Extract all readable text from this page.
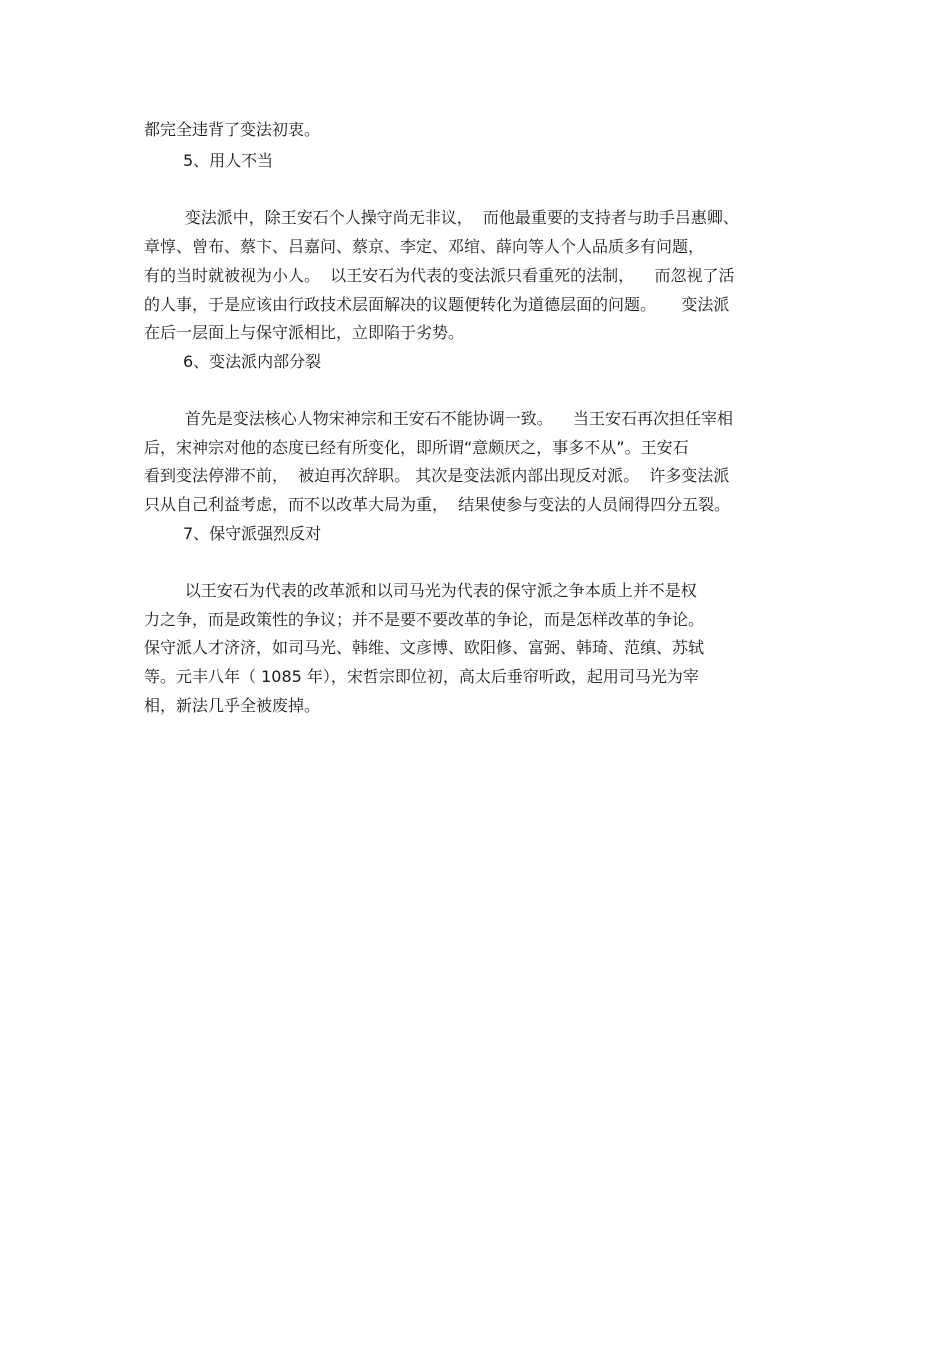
都完全违背了变法初衷。

5、用人不当

变法派中，除王安石个人操守尚无非议，  而他最重要的支持者与助手吕惠卿、

章惇、曾布、蔡卞、吕嘉问、蔡京、李定、邓绾、薛向等人个人品质多有问题，

有的当时就被视为小人。  以王安石为代表的变法派只看重死的法制，    而忽视了活

的人事，于是应该由行政技术层面解决的议题便转化为道德层面的问题。     变法派

在后一层面上与保守派相比，立即陷于劣势。

6、变法派内部分裂

首先是变法核心人物宋神宗和王安石不能协调一致。    当王安石再次担任宰相

后，宋神宗对他的态度已经有所变化，即所谓“意颇厌之，事多不从”。王安石

看到变法停滞不前，  被迫再次辞职。 其次是变法派内部出现反对派。  许多变法派

只从自己利益考虑，而不以改革大局为重，  结果使参与变法的人员闹得四分五裂。

7、保守派强烈反对

以王安石为代表的改革派和以司马光为代表的保守派之争本质上并不是权

力之争，而是政策性的争议；并不是要不要改革的争论，而是怎样改革的争论。

保守派人才济济，如司马光、韩维、文彦博、欧阳修、富弼、韩琦、范缜、苏轼

等。元丰八年（ 1085 年），宋哲宗即位初，高太后垂帘听政，起用司马光为宰

相，新法几乎全被废掉。
